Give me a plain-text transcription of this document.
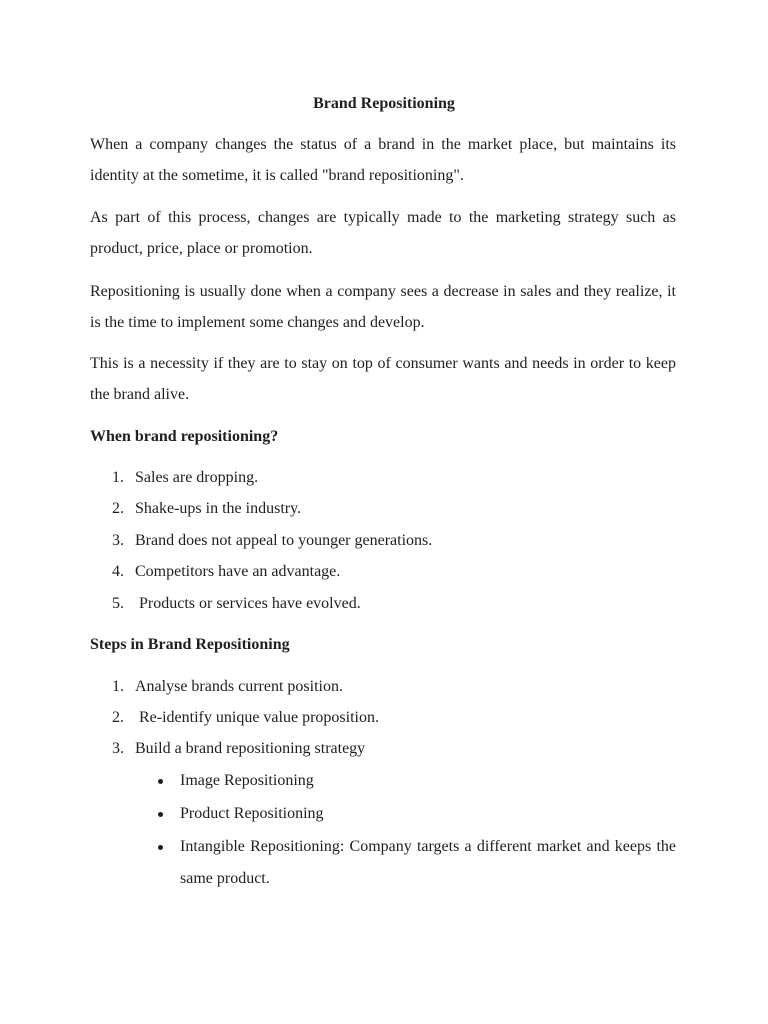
Brand Repositioning

When a company changes the status of a brand in the market place, but maintains its identity at the sometime, it is called "brand repositioning".

As part of this process, changes are typically made to the marketing strategy such as product, price, place or promotion.

Repositioning is usually done when a company sees a decrease in sales and they realize, it is the time to implement some changes and develop.

This is a necessity if they are to stay on top of consumer wants and needs in order to keep the brand alive.

When brand repositioning?
1. Sales are dropping.
2. Shake-ups in the industry.
3. Brand does not appeal to younger generations.
4. Competitors have an advantage.
5. Products or services have evolved.
Steps in Brand Repositioning
1. Analyse brands current position.
2. Re-identify unique value proposition.
3. Build a brand repositioning strategy
Image Repositioning
Product Repositioning
Intangible Repositioning: Company targets a different market and keeps the same product.
